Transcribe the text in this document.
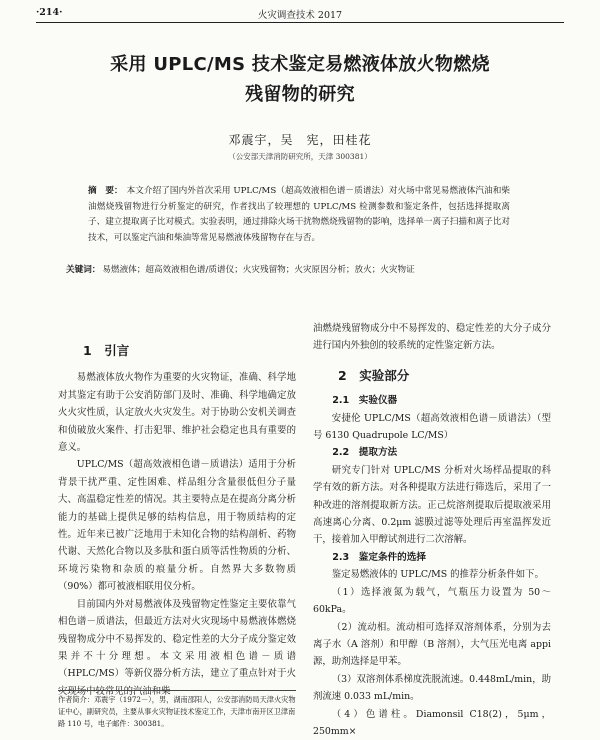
·214·	火灾调查技术 2017
采用 UPLC/MS 技术鉴定易燃液体放火物燃烧
残留物的研究
邓震宇，吴　宪，田桂花
（公安部天津消防研究所，天津 300381）
摘　要： 本文介绍了国内外首次采用 UPLC/MS（超高效液相色谱－质谱法）对火场中常见易燃液体汽油和柴油燃烧残留物进行分析鉴定的研究，作者找出了较理想的 UPLC/MS 检测参数和鉴定条件，包括选择提取离子、建立提取离子比对模式。实验表明，通过排除火场干扰物燃烧残留物的影响，选择单一离子扫描和离子比对技术，可以鉴定汽油和柴油等常见易燃液体残留物存在与否。
关键词： 易燃液体；超高效液相色谱/质谱仪；火灾残留物；火灾原因分析；放火；火灾物证

1　引言

易燃液体放火物作为重要的火灾物证，准确、科学地对其鉴定有助于公安消防部门及时、准确、科学地确定放火火灾性质，认定放火火灾发生。对于协助公安机关调查和侦破放火案件、打击犯罪、维护社会稳定也具有重要的意义。

UPLC/MS（超高效液相色谱－质谱法）适用于分析背景干扰严重、定性困难、样品组分含量很低但分子量大、高温稳定性差的情况。其主要特点是在提高分离分析能力的基础上提供足够的结构信息，用于物质结构的定性。近年来已被广泛地用于未知化合物的结构剖析、药物代谢、天然化合物以及多肽和蛋白质等活性物质的分析、环境污染物和杂质的痕量分析。自然界大多数物质（90%）都可被液相联用仪分析。

目前国内外对易燃液体及残留物定性鉴定主要依靠气相色谱－质谱法，但最近方法对火灾现场中易燃液体燃烧残留物成分中不易挥发的、稳定性差的大分子成分鉴定效果并不十分理想。本文采用液相色谱－质谱（HPLC/MS）等新仪器分析方法，建立了重点针对于火灾现场中较常见的汽油和柴

油燃烧残留物成分中不易挥发的、稳定性差的大分子成分进行国内外独创的较系统的定性鉴定新方法。

2　实验部分

2.1　实验仪器

安捷伦 UPLC/MS（超高效液相色谱－质谱法）（型号 6130 Quadrupole LC/MS）

2.2　提取方法

研究专门针对 UPLC/MS 分析对火场样品提取的科学有效的新方法。对各种提取方法进行筛选后，采用了一种改进的溶剂提取新方法。正己烷溶剂提取后提取液采用高速离心分离、0.2μm 滤膜过滤等处理后再室温挥发近干，接着加入甲醇试剂进行二次溶解。

2.3　鉴定条件的选择

鉴定易燃液体的 UPLC/MS 的推荐分析条件如下。

（1）选择液氮为载气，气瓶压力设置为 50～60kPa。

（2）流动相。流动相可选择双溶剂体系，分别为去离子水（A 溶剂）和甲醇（B 溶剂），大气压光电离 appi 源，助剂选择是甲苯。

（3）双溶剂体系梯度洗脱流速。0.448mL/min，助剂流速 0.033 mL/min。

（4）色谱柱。Diamonsil C18(2)，5μm，250mm×

作者简介：邓震宇（1972－），男，湖南邵阳人，公安部消防局天津火灾物证中心，副研究员，主要从事火灾物证技术鉴定工作，天津市南开区卫津南路 110 号，电子邮件：300381。
